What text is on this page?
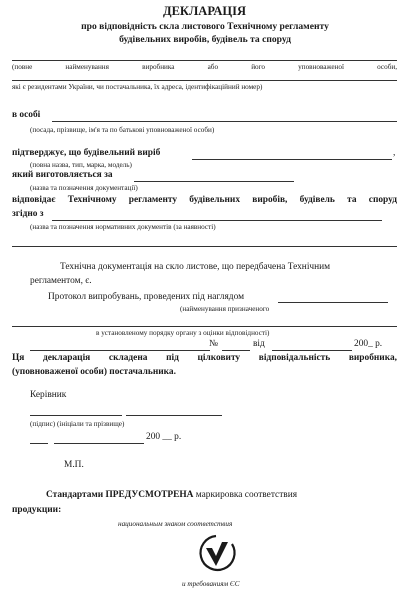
ДЕКЛАРАЦІЯ
про відповідність скла листового Технічному регламенту будівельних виробів, будівель та споруд
(повне найменування виробника або його уповноваженої особи,
які є резидентами України, чи постачальника, їх адреса, ідентифікаційний номер)
в особі
(посада, прізвище, ім'я та по батькові уповноваженої особи)
підтверджує, що будівельний виріб	,
(повна назва, тип, марка, модель)
який виготовляється за
(назва та позначення документації)
відповідає Технічному регламенту будівельних виробів, будівель та споруд
згідно з
(назва та позначення нормативних документів (за наявності)
Технічна документація на скло листове, що передбачена Технічним
регламентом, є.
Протокол випробувань, проведених під наглядом
(найменування призначеного
в установленому порядку органу з оцінки відповідності)
№	від	200_ р.
Ця декларація складена під цілковиту відповідальність виробника,
(уповноваженої особи) постачальника.
Керівник
(підпис) (ініціали та прізвище)
200 __ р.
М.П.
Стандартами ПРЕДУСМОТРЕНА маркировка соответствия
продукции:
национальным знаком соответствия
и требованиям ЄС
